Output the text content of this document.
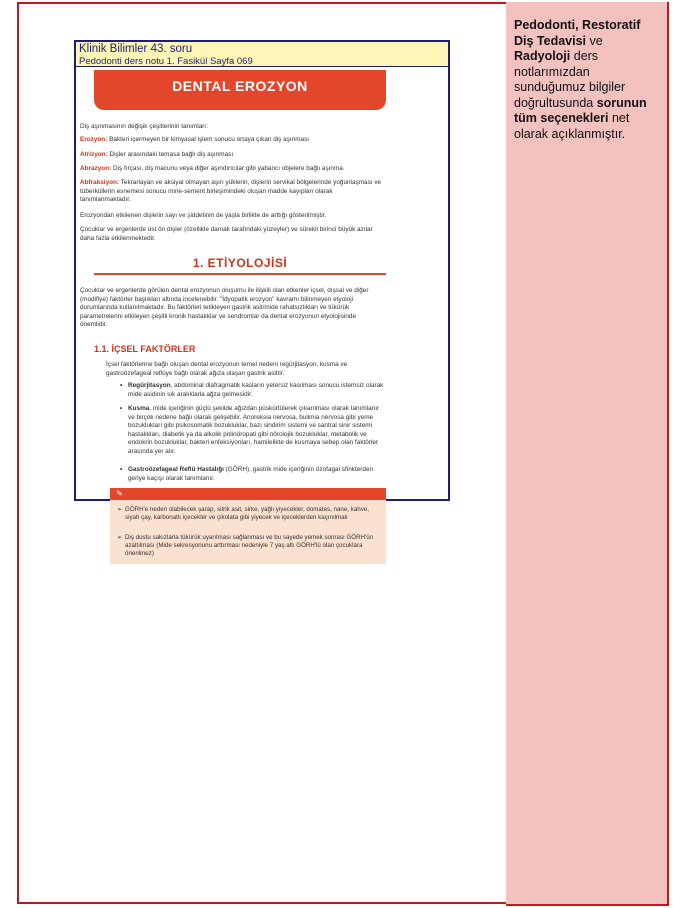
Pedodonti, Restoratif Diş Tedavisi ve Radyoloji ders notlarımızdan sunduğumuz bilgiler doğrultusunda sorunun tüm seçenekleri net olarak açıklanmıştır.
Klinik Bilimler 43. soru
Pedodonti ders notu 1. Fasikül Sayfa 069
DENTAL EROZYON
Diş aşınmasının değişik çeşitlerinin tanımları:
Erozyon: Bakteri içermeyen bir kimyasal işlem sonucu ortaya çıkan diş aşınması
Atrizyon: Dişler arasındaki temasa bağlı diş aşınması
Abrazyon: Diş fırçası, diş macunu veya diğer aşındırıcılar gibi yabancı objelere bağlı aşınma.
Abfraksiyon: Tekrarlayan ve aksiyal olmayan aşırı yüklerin, dişlerin servikal bölgelerinde yoğunlaşması ve tüberküllerin esnemesi sonucu mine-sement birleşimindeki oluşan madde kayıpları olarak tanımlanmaktadır.
Erozyondan etkilenen dişlerin sayı ve şiddetinin de yaşla birlikte de arttığı gösterilmiştir.
Çocuklar ve ergenlerde üst ön dişler (özellikle damak tarafındaki yüzeyler) ve sürekli birinci büyük azılar daha fazla etkilenmektedir.
1. ETİYOLOJİSİ
Çocuklar ve ergenlerde görülen dental erozyonun oluşumu ile ilişkili olan etkenler içsel, dışsal ve diğer (modifiye) faktörler başlıkları altında incelenebilir. "İdyopatik erozyon" kavramı bilinmeyen etyoloji durumlarında kullanılmaktadır. Bu faktörleri tetikleyen gastrik asit/mide rahatsızlıkları ve tükürük parametrelerini etkileyen çeşitli kronik hastalıklar ve sendromlar da dental erozyonun etyolojisinde önemlidir.
1.1. İÇSEL FAKTÖRLER
İçsel faktörlerine bağlı oluşan dental erozyonun temel nedeni regürjitasyon, kusma ve gastroözefageal reflüye bağlı olarak ağıza ulaşan gastrik asittir.
• Regürjitasyon, abdominal diafragmatik kasların yetersiz kasılması sonucu istemsiz olarak mide asidinin sık aralıklarla ağza gelmesidir.
• Kusma, mide içeriğinin güçlü şekilde ağızdan püskürtülerek çıkarılması olarak tanımlanır ve birçok nedene bağlı olarak gelişebilir. Anoreksia nervosa, bulimia nervosa gibi yeme bozuklukları gibi psikosomatik bozukluklar, bazı sindirim sistemi ve santral sinir sistemi hastalıkları, diabetik ya da alkolik polinöropati gibi nörolojik bozukluklar, metabolik ve endokrin bozukluklar, bakteri enfeksiyonları, hamilelikte de kusmaya sebep olan faktörler arasında yer alır.
• Gastroözefageal Reflü Hastalığı (GÖRH), gastrik mide içeriğinin özofagal sfinkterden geriye kaçışı olarak tanımlanır.
✎
➢ GÖRH'e neden olabilecek şarap, sitrik asit, sirke, yağlı yiyecekler, domates, nane, kahve, siyah çay, karbonatlı içecekler ve çikolata gibi yiyecek ve içeceklerden kaçınılmalı
➢ Diş dostu sakızlarla tükürük uyarılması sağlanması ve bu sayede yemek sonrası GÖRH'ün azaltılması (Mide sekresyonunu arttırması nedeniyle 7 yaş altı GÖRH'lü olan çocuklara önerilmez)
